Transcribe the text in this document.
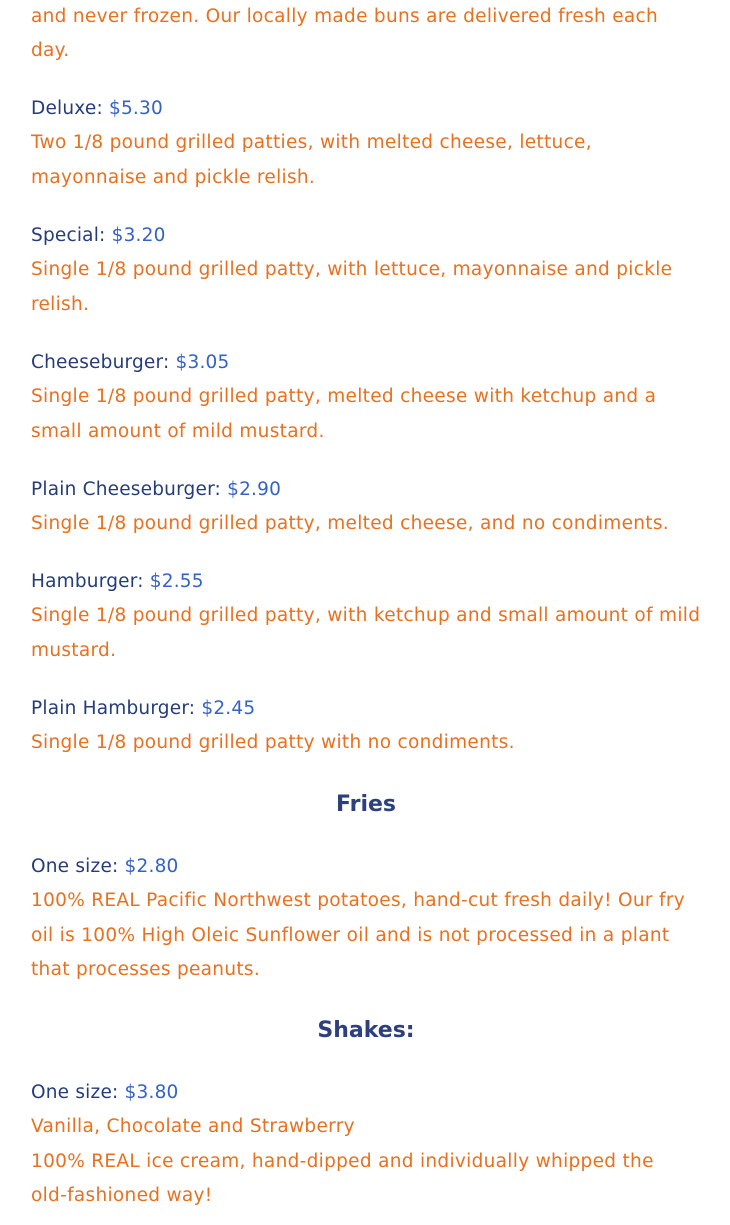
and never frozen. Our locally made buns are delivered fresh each day.

Deluxe: $5.30

Two 1/8 pound grilled patties, with melted cheese, lettuce, mayonnaise and pickle relish.

Special: $3.20

Single 1/8 pound grilled patty, with lettuce, mayonnaise and pickle relish.

Cheeseburger: $3.05

Single 1/8 pound grilled patty, melted cheese with ketchup and a small amount of mild mustard.

Plain Cheeseburger: $2.90

Single 1/8 pound grilled patty, melted cheese, and no condiments.

Hamburger: $2.55

Single 1/8 pound grilled patty, with ketchup and small amount of mild mustard.

Plain Hamburger: $2.45

Single 1/8 pound grilled patty with no condiments.

Fries

One size: $2.80

100% REAL Pacific Northwest potatoes, hand-cut fresh daily! Our fry oil is 100% High Oleic Sunflower oil and is not processed in a plant that processes peanuts.

Shakes:

One size: $3.80

Vanilla, Chocolate and Strawberry

100% REAL ice cream, hand-dipped and individually whipped the old-fashioned way!
